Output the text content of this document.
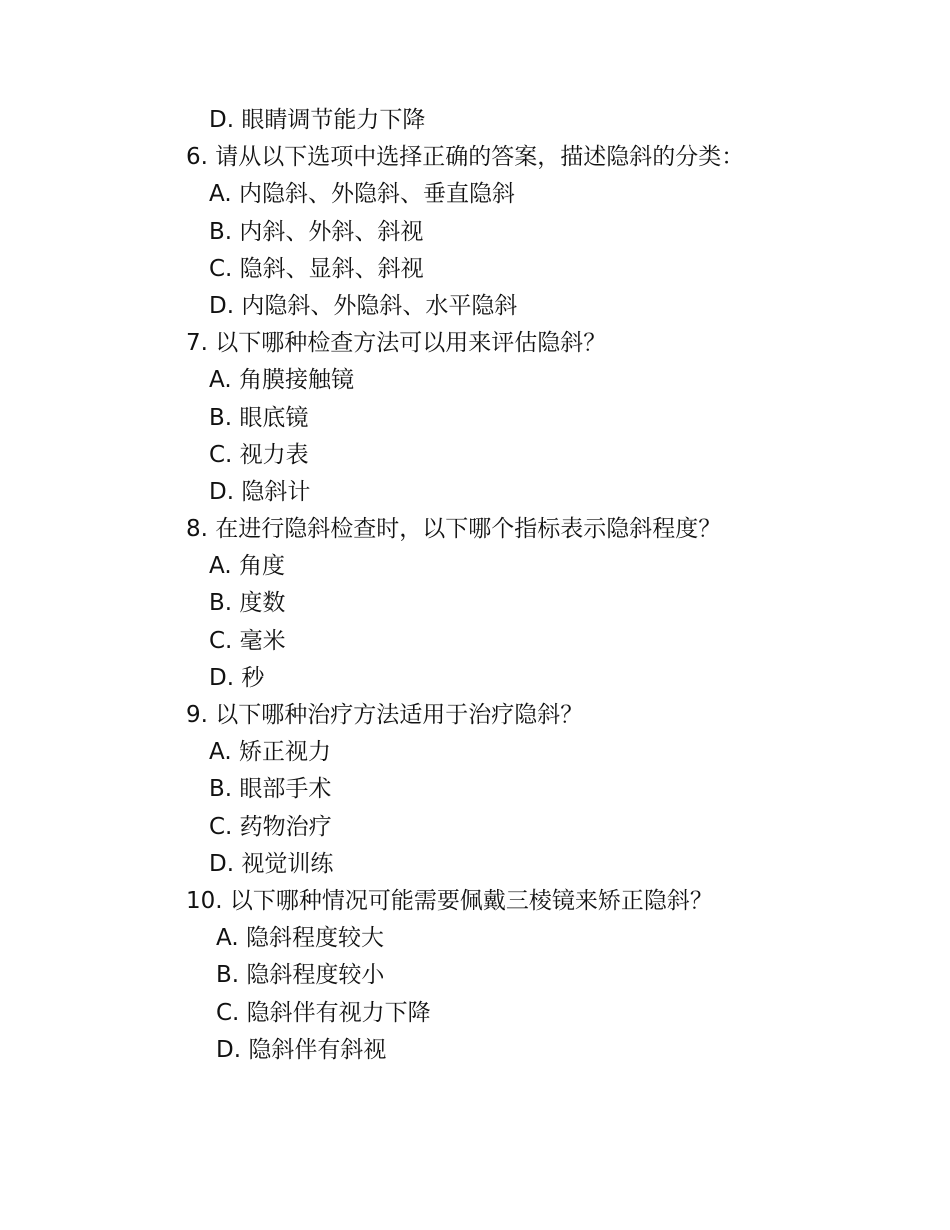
D. 眼睛调节能力下降
6. 请从以下选项中选择正确的答案，描述隐斜的分类：
A. 内隐斜、外隐斜、垂直隐斜
B. 内斜、外斜、斜视
C. 隐斜、显斜、斜视
D. 内隐斜、外隐斜、水平隐斜
7. 以下哪种检查方法可以用来评估隐斜？
A. 角膜接触镜
B. 眼底镜
C. 视力表
D. 隐斜计
8. 在进行隐斜检查时，以下哪个指标表示隐斜程度？
A. 角度
B. 度数
C. 毫米
D. 秒
9. 以下哪种治疗方法适用于治疗隐斜？
A. 矫正视力
B. 眼部手术
C. 药物治疗
D. 视觉训练
10. 以下哪种情况可能需要佩戴三棱镜来矫正隐斜？
A. 隐斜程度较大
B. 隐斜程度较小
C. 隐斜伴有视力下降
D. 隐斜伴有斜视
